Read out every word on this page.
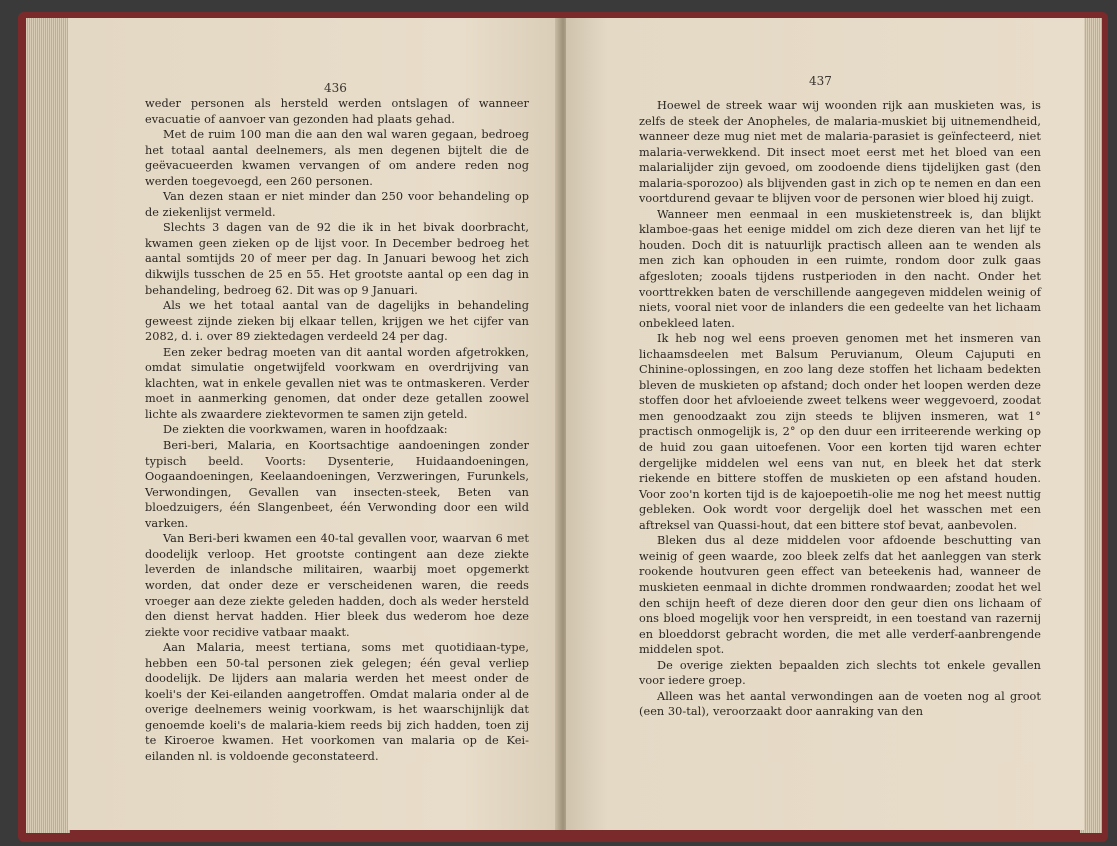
436

weder personen als hersteld werden ontslagen of wanneer evacuatie of aanvoer van gezonden had plaats gehad.

Met de ruim 100 man die aan den wal waren gegaan, bedroeg het totaal aantal deelnemers, als men degenen bijtelt die de geëvacueerden kwamen vervangen of om andere reden nog werden toegevoegd, een 260 personen.

Van dezen staan er niet minder dan 250 voor behandeling op de ziekenlijst vermeld.

Slechts 3 dagen van de 92 die ik in het bivak doorbracht, kwamen geen zieken op de lijst voor. In December bedroeg het aantal somtijds 20 of meer per dag. In Januari bewoog het zich dikwijls tusschen de 25 en 55. Het grootste aantal op een dag in behandeling, bedroeg 62. Dit was op 9 Januari.

Als we het totaal aantal van de dagelijks in behandeling geweest zijnde zieken bij elkaar tellen, krijgen we het cijfer van 2082, d. i. over 89 ziektedagen verdeeld 24 per dag.

Een zeker bedrag moeten van dit aantal worden afgetrokken, omdat simulatie ongetwijfeld voorkwam en overdrijving van klachten, wat in enkele gevallen niet was te ontmaskeren. Verder moet in aanmerking genomen, dat onder deze getallen zoowel lichte als zwaardere ziektevormen te samen zijn geteld.

De ziekten die voorkwamen, waren in hoofdzaak:

Beri-beri, Malaria, en Koortsachtige aandoeningen zonder typisch beeld. Voorts: Dysenterie, Huidaandoeningen, Oogaandoeningen, Keelaandoeningen, Verzweringen, Furunkels, Verwondingen, Gevallen van insecten-steek, Beten van bloedzuigers, één Slangenbeet, één Verwonding door een wild varken.

Van Beri-beri kwamen een 40-tal gevallen voor, waarvan 6 met doodelijk verloop. Het grootste contingent aan deze ziekte leverden de inlandsche militairen, waarbij moet opgemerkt worden, dat onder deze er verscheidenen waren, die reeds vroeger aan deze ziekte geleden hadden, doch als weder hersteld den dienst hervat hadden. Hier bleek dus wederom hoe deze ziekte voor recidive vatbaar maakt.

Aan Malaria, meest tertiana, soms met quotidiaan-type, hebben een 50-tal personen ziek gelegen; één geval verliep doodelijk. De lijders aan malaria werden het meest onder de koeli's der Kei-eilanden aangetroffen. Omdat malaria onder al de overige deelnemers weinig voorkwam, is het waarschijnlijk dat genoemde koeli's de malaria-kiem reeds bij zich hadden, toen zij te Kiroeroe kwamen. Het voorkomen van malaria op de Kei-eilanden nl. is voldoende geconstateerd.

437

Hoewel de streek waar wij woonden rijk aan muskieten was, is zelfs de steek der Anopheles, de malaria-muskiet bij uitnemendheid, wanneer deze mug niet met de malaria-parasiet is geïnfecteerd, niet malaria-verwekkend. Dit insect moet eerst met het bloed van een malarialijder zijn gevoed, om zoodoende diens tijdelijken gast (den malaria-sporozoo) als blijvenden gast in zich op te nemen en dan een voortdurend gevaar te blijven voor de personen wier bloed hij zuigt.

Wanneer men eenmaal in een muskietenstreek is, dan blijkt klamboe-gaas het eenige middel om zich deze dieren van het lijf te houden. Doch dit is natuurlijk practisch alleen aan te wenden als men zich kan ophouden in een ruimte, rondom door zulk gaas afgesloten; zooals tijdens rustperioden in den nacht. Onder het voorttrekken baten de verschillende aangegeven middelen weinig of niets, vooral niet voor de inlanders die een gedeelte van het lichaam onbekleed laten.

Ik heb nog wel eens proeven genomen met het insmeren van lichaamsdeelen met Balsum Peruvianum, Oleum Cajuputi en Chinine-oplossingen, en zoo lang deze stoffen het lichaam bedekten bleven de muskieten op afstand; doch onder het loopen werden deze stoffen door het afvloeiende zweet telkens weer weggevoerd, zoodat men genoodzaakt zou zijn steeds te blijven insmeren, wat 1° practisch onmogelijk is, 2° op den duur een irriteerende werking op de huid zou gaan uitoefenen. Voor een korten tijd waren echter dergelijke middelen wel eens van nut, en bleek het dat sterk riekende en bittere stoffen de muskieten op een afstand houden. Voor zoo'n korten tijd is de kajoepoetih-olie me nog het meest nuttig gebleken. Ook wordt voor dergelijk doel het wasschen met een aftreksel van Quassi-hout, dat een bittere stof bevat, aanbevolen.

Bleken dus al deze middelen voor afdoende beschutting van weinig of geen waarde, zoo bleek zelfs dat het aanleggen van sterk rookende houtvuren geen effect van beteekenis had, wanneer de muskieten eenmaal in dichte drommen rondwaarden; zoodat het wel den schijn heeft of deze dieren door den geur dien ons lichaam of ons bloed mogelijk voor hen verspreidt, in een toestand van razernij en bloeddorst gebracht worden, die met alle verderf-aanbrengende middelen spot.

De overige ziekten bepaalden zich slechts tot enkele gevallen voor iedere groep.

Alleen was het aantal verwondingen aan de voeten nog al groot (een 30-tal), veroorzaakt door aanraking van den
